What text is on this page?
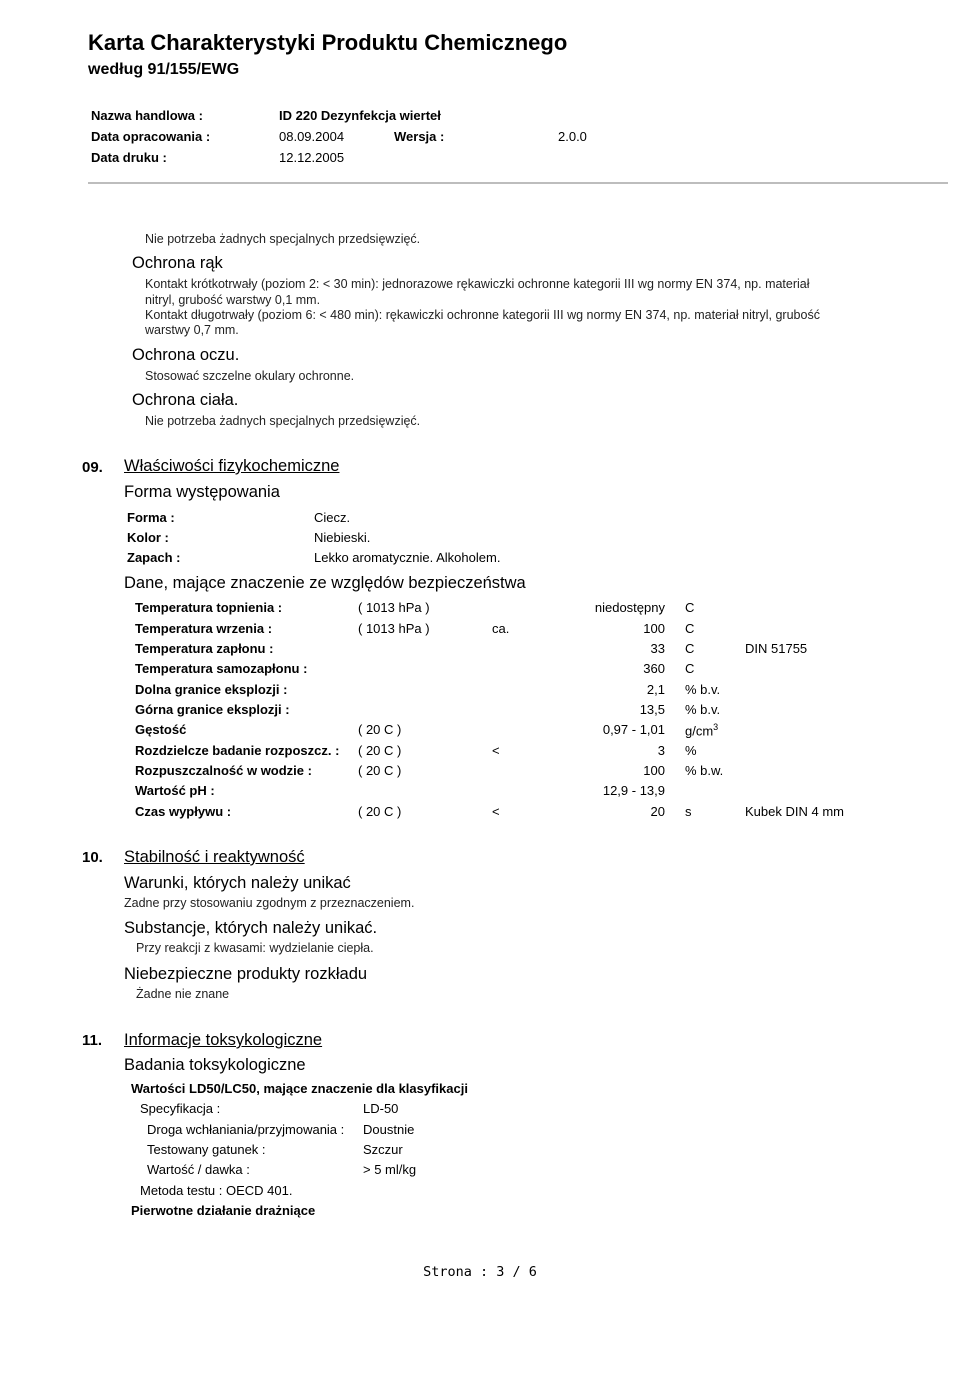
Karta Charakterystyki Produktu Chemicznego
według 91/155/EWG
Nazwa handlowa :	ID 220 Dezynfekcja wierteł
Data opracowania :	08.09.2004	Wersja :	2.0.0
Data druku :	12.12.2005
Nie potrzeba żadnych specjalnych przedsięwzięć.
Ochrona rąk
Kontakt krótkotrwały (poziom 2: < 30 min): jednorazowe rękawiczki ochronne kategorii III wg normy EN 374, np. materiał
nitryl, grubość warstwy 0,1 mm.
Kontakt długotrwały (poziom 6: < 480 min): rękawiczki ochronne kategorii III wg normy EN 374, np. materiał nitryl, grubość
warstwy 0,7 mm.
Ochrona oczu.
Stosować szczelne okulary ochronne.
Ochrona ciała.
Nie potrzeba żadnych specjalnych przedsięwzięć.
09. Właściwości fizykochemiczne
Forma występowania
Forma :	Ciecz.
Kolor :	Niebieski.
Zapach :	Lekko aromatycznie. Alkoholem.
Dane, mające znaczenie ze względów bezpieczeństwa
Temperatura topnienia :	( 1013 hPa )	niedostępny C
Temperatura wrzenia :	( 1013 hPa )	ca.	100 C
Temperatura zapłonu :	33 C	DIN 51755
Temperatura samozapłonu :	360 C
Dolna granice eksplozji :	2,1 % b.v.
Górna granice eksplozji :	13,5 % b.v.
Gęstość	( 20 C )	0,97 - 1,01 $g/cm^3$
Rozdzielcze badanie rozposzcz. : ( 20 C )	<	3 %
Rozpuszczalność w wodzie :	( 20 C )	100 % b.w.
Wartość pH :	12,9 - 13,9
Czas wypływu :	( 20 C )	<	20 s	Kubek DIN 4 mm
10. Stabilność i reaktywność
Warunki, których należy unikać
Zadne przy stosowaniu zgodnym z przeznaczeniem.
Substancje, których należy unikać.
Przy reakcji z kwasami: wydzielanie ciepła.
Niebezpieczne produkty rozkładu
Żadne nie znane
11. Informacje toksykologiczne
Badania toksykologiczne
Wartości LD50/LC50, mające znaczenie dla klasyfikacji
Specyfikacja :	LD-50
Droga wchłaniania/przyjmowania : Doustnie
Testowany gatunek :	Szczur
Wartość / dawka :	> 5 ml/kg
Metoda testu : OECD 401.
Pierwotne działanie drażniące
Strona : 3 / 6
